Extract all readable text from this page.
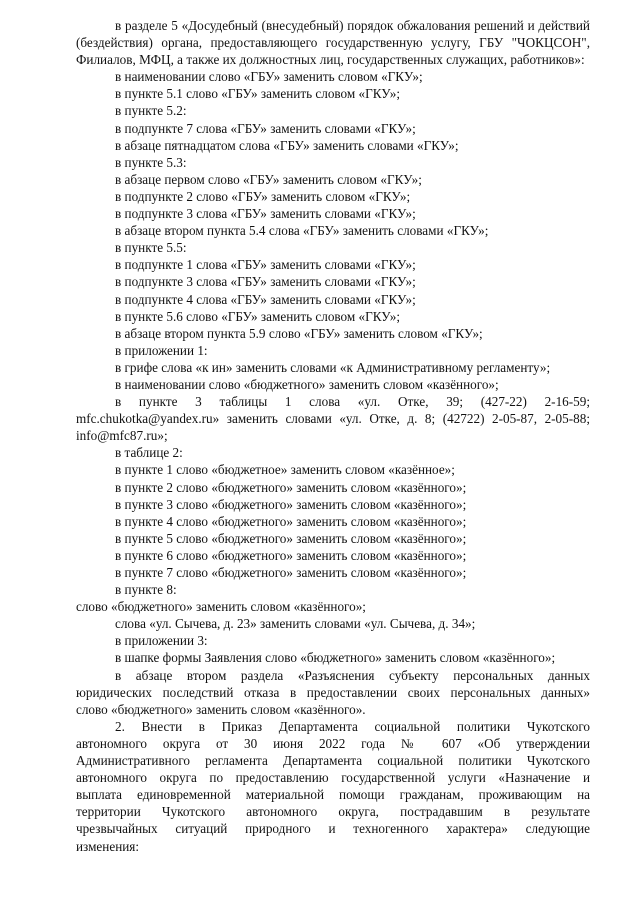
в разделе 5 «Досудебный (внесудебный) порядок обжалования решений и действий
(бездействия) органа, предоставляющего государственную услугу, ГБУ "ЧОКЦСОН",
Филиалов, МФЦ, а также их должностных лиц, государственных служащих, работников»:
в наименовании слово «ГБУ» заменить словом «ГКУ»;
в пункте 5.1 слово «ГБУ» заменить словом «ГКУ»;
в пункте 5.2:
в подпункте 7 слова «ГБУ» заменить словами «ГКУ»;
в абзаце пятнадцатом слова «ГБУ» заменить словами «ГКУ»;
в пункте 5.3:
в абзаце первом слово «ГБУ» заменить словом «ГКУ»;
в подпункте 2 слово «ГБУ» заменить словом «ГКУ»;
в подпункте 3 слова «ГБУ» заменить словами «ГКУ»;
в абзаце втором пункта 5.4 слова «ГБУ» заменить словами «ГКУ»;
в пункте 5.5:
в подпункте 1 слова «ГБУ» заменить словами «ГКУ»;
в подпункте 3 слова «ГБУ» заменить словами «ГКУ»;
в подпункте 4 слова «ГБУ» заменить словами «ГКУ»;
в пункте 5.6 слово «ГБУ» заменить словом «ГКУ»;
в абзаце втором пункта 5.9 слово «ГБУ» заменить словом «ГКУ»;
в приложении 1:
в грифе слова «к ин» заменить словами «к Административному регламенту»;
в наименовании слово «бюджетного» заменить словом «казённого»;
в пункте 3 таблицы 1 слова «ул. Отке, 39; (427-22) 2-16-59;
mfc.chukotka@yandex.ru» заменить словами «ул. Отке, д. 8; (42722) 2-05-87, 2-05-88;
info@mfc87.ru»;
в таблице 2:
в пункте 1 слово «бюджетное» заменить словом «казённое»;
в пункте 2 слово «бюджетного» заменить словом «казённого»;
в пункте 3 слово «бюджетного» заменить словом «казённого»;
в пункте 4 слово «бюджетного» заменить словом «казённого»;
в пункте 5 слово «бюджетного» заменить словом «казённого»;
в пункте 6 слово «бюджетного» заменить словом «казённого»;
в пункте 7 слово «бюджетного» заменить словом «казённого»;
в пункте 8:
слово «бюджетного» заменить словом «казённого»;
слова «ул. Сычева, д. 23» заменить словами «ул. Сычева, д. 34»;
в приложении 3:
в шапке формы Заявления слово «бюджетного» заменить словом «казённого»;
в абзаце втором раздела «Разъяснения субъекту персональных данных
юридических последствий отказа в предоставлении своих персональных данных»
слово «бюджетного» заменить словом «казённого».
2. Внести в Приказ Департамента социальной политики Чукотского
автономного округа от 30 июня 2022 года № 607 «Об утверждении
Административного регламента Департамента социальной политики Чукотского
автономного округа по предоставлению государственной услуги «Назначение и
выплата единовременной материальной помощи гражданам, проживающим на
территории Чукотского автономного округа, пострадавшим в результате
чрезвычайных ситуаций природного и техногенного характера» следующие
изменения:
